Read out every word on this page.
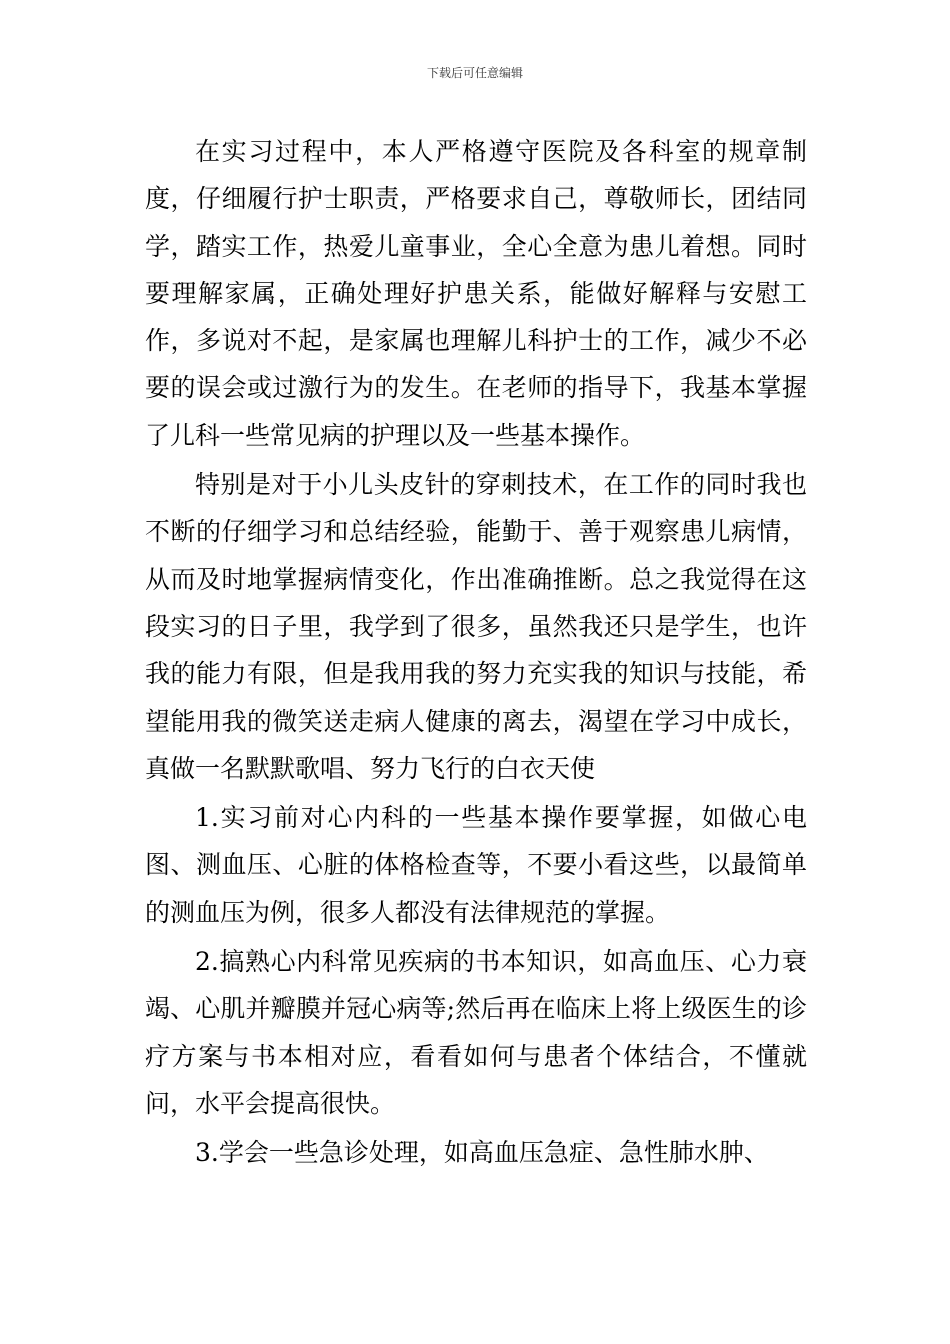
下载后可任意编辑

在实习过程中，本人严格遵守医院及各科室的规章制度，仔细履行护士职责，严格要求自己，尊敬师长，团结同学，踏实工作，热爱儿童事业，全心全意为患儿着想。同时要理解家属，正确处理好护患关系，能做好解释与安慰工作，多说对不起，是家属也理解儿科护士的工作，减少不必要的误会或过激行为的发生。在老师的指导下，我基本掌握了儿科一些常见病的护理以及一些基本操作。

特别是对于小儿头皮针的穿刺技术，在工作的同时我也不断的仔细学习和总结经验，能勤于、善于观察患儿病情，从而及时地掌握病情变化，作出准确推断。总之我觉得在这段实习的日子里，我学到了很多，虽然我还只是学生，也许我的能力有限，但是我用我的努力充实我的知识与技能，希望能用我的微笑送走病人健康的离去，渴望在学习中成长，真做一名默默歌唱、努力飞行的白衣天使

1.实习前对心内科的一些基本操作要掌握，如做心电图、测血压、心脏的体格检查等，不要小看这些，以最简单的测血压为例，很多人都没有法律规范的掌握。

2.搞熟心内科常见疾病的书本知识，如高血压、心力衰竭、心肌并瓣膜并冠心病等;然后再在临床上将上级医生的诊疗方案与书本相对应，看看如何与患者个体结合，不懂就问，水平会提高很快。

3.学会一些急诊处理，如高血压急症、急性肺水肿、
